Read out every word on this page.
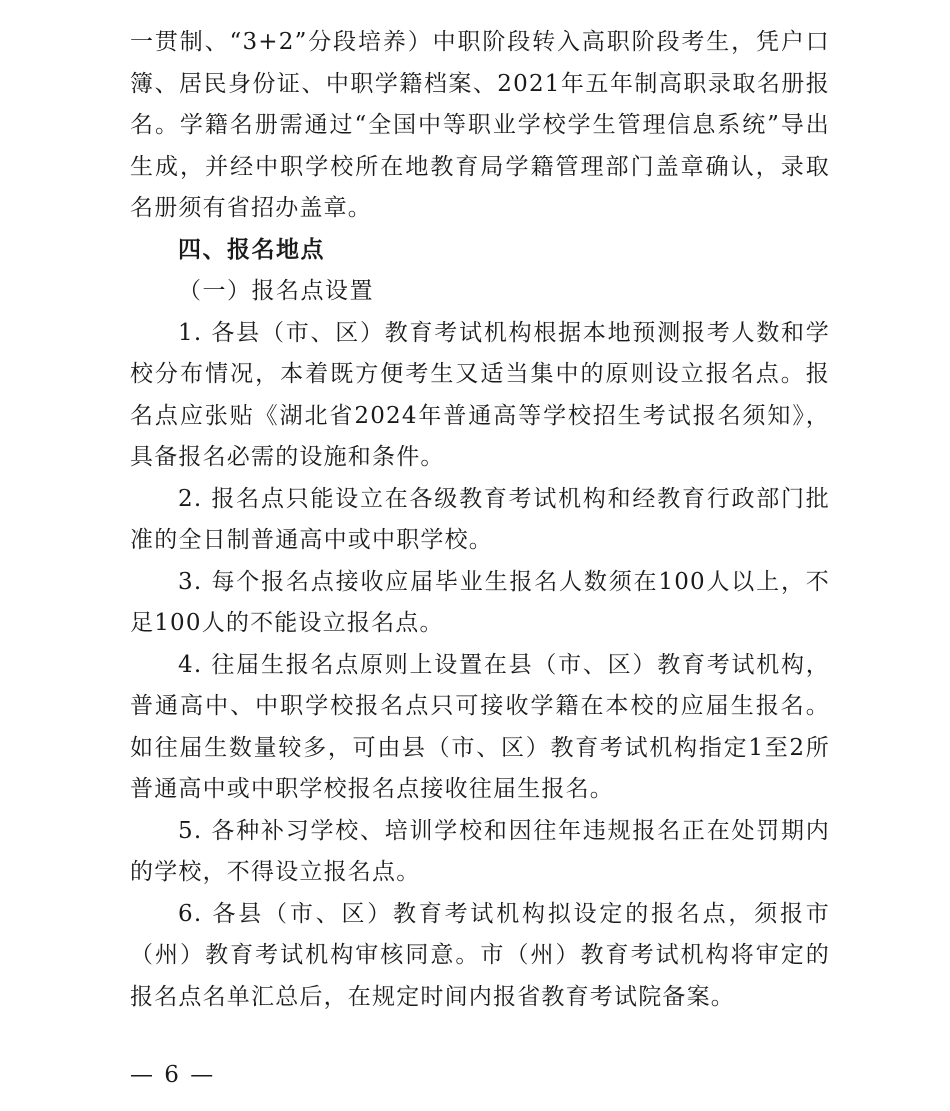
一贯制、“3+2”分段培养）中职阶段转入高职阶段考生，凭户口簿、居民身份证、中职学籍档案、2021年五年制高职录取名册报名。学籍名册需通过“全国中等职业学校学生管理信息系统”导出生成，并经中职学校所在地教育局学籍管理部门盖章确认，录取名册须有省招办盖章。

四、报名地点

（一）报名点设置

1. 各县（市、区）教育考试机构根据本地预测报考人数和学校分布情况，本着既方便考生又适当集中的原则设立报名点。报名点应张贴《湖北省2024年普通高等学校招生考试报名须知》，具备报名必需的设施和条件。

2. 报名点只能设立在各级教育考试机构和经教育行政部门批准的全日制普通高中或中职学校。

3. 每个报名点接收应届毕业生报名人数须在100人以上，不足100人的不能设立报名点。

4. 往届生报名点原则上设置在县（市、区）教育考试机构，普通高中、中职学校报名点只可接收学籍在本校的应届生报名。如往届生数量较多，可由县（市、区）教育考试机构指定1至2所普通高中或中职学校报名点接收往届生报名。

5. 各种补习学校、培训学校和因往年违规报名正在处罚期内的学校，不得设立报名点。

6. 各县（市、区）教育考试机构拟设定的报名点，须报市（州）教育考试机构审核同意。市（州）教育考试机构将审定的报名点名单汇总后，在规定时间内报省教育考试院备案。

— 6 —
